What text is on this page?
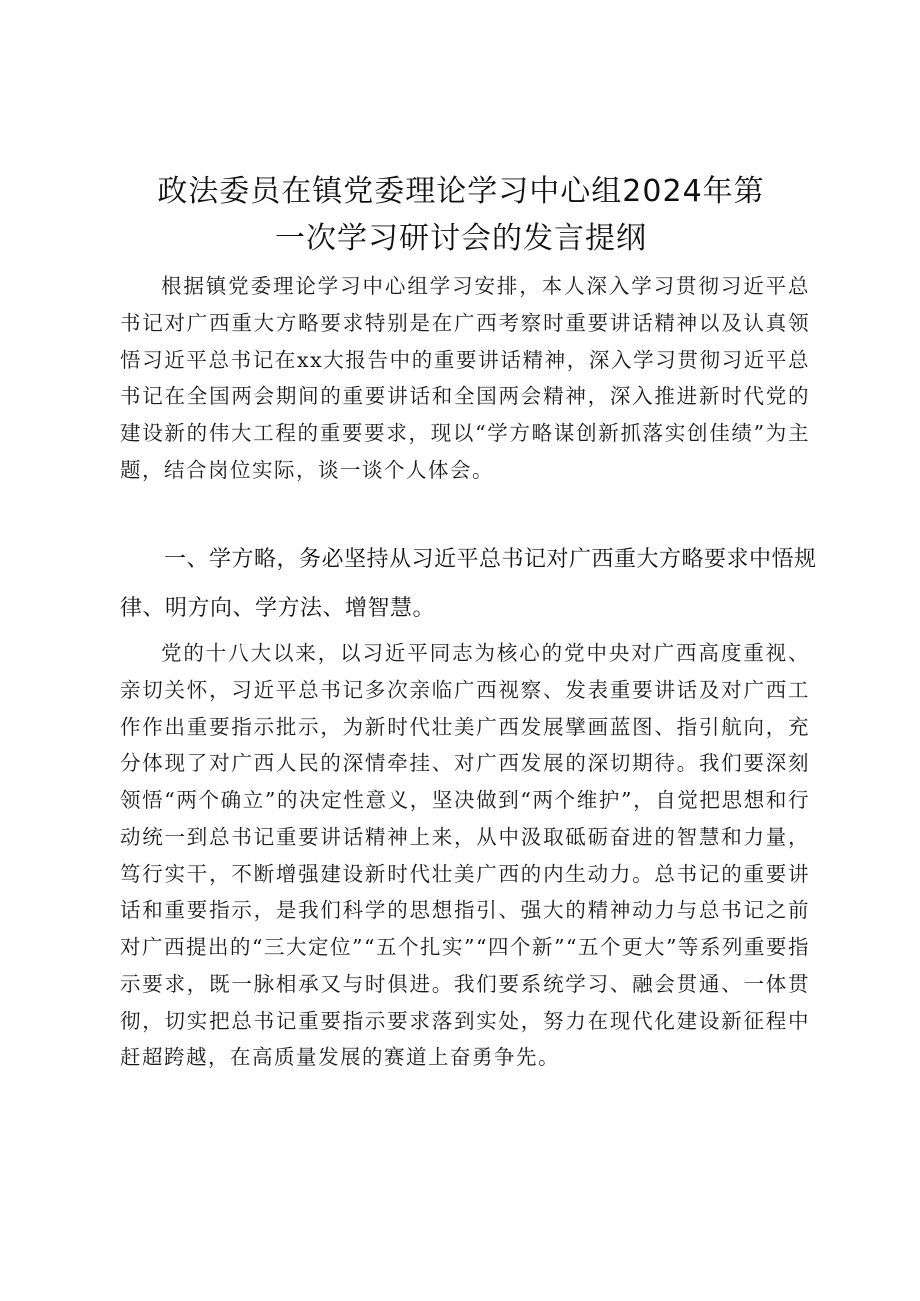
政法委员在镇党委理论学习中心组2024年第
一次学习研讨会的发言提纲

根据镇党委理论学习中心组学习安排，本人深入学习贯彻习近平总书记对广西重大方略要求特别是在广西考察时重要讲话精神以及认真领悟习近平总书记在xx大报告中的重要讲话精神，深入学习贯彻习近平总书记在全国两会期间的重要讲话和全国两会精神，深入推进新时代党的建设新的伟大工程的重要要求，现以“学方略谋创新抓落实创佳绩”为主题，结合岗位实际，谈一谈个人体会。

一、学方略，务必坚持从习近平总书记对广西重大方略要求中悟规律、明方向、学方法、增智慧。

党的十八大以来，以习近平同志为核心的党中央对广西高度重视、亲切关怀，习近平总书记多次亲临广西视察、发表重要讲话及对广西工作作出重要指示批示，为新时代壮美广西发展擘画蓝图、指引航向，充分体现了对广西人民的深情牵挂、对广西发展的深切期待。我们要深刻领悟“两个确立”的决定性意义，坚决做到“两个维护”，自觉把思想和行动统一到总书记重要讲话精神上来，从中汲取砥砺奋进的智慧和力量，笃行实干，不断增强建设新时代壮美广西的内生动力。总书记的重要讲话和重要指示，是我们科学的思想指引、强大的精神动力与总书记之前对广西提出的“三大定位”“五个扎实”“四个新”“五个更大”等系列重要指示要求，既一脉相承又与时俱进。我们要系统学习、融会贯通、一体贯彻，切实把总书记重要指示要求落到实处，努力在现代化建设新征程中赶超跨越，在高质量发展的赛道上奋勇争先。
